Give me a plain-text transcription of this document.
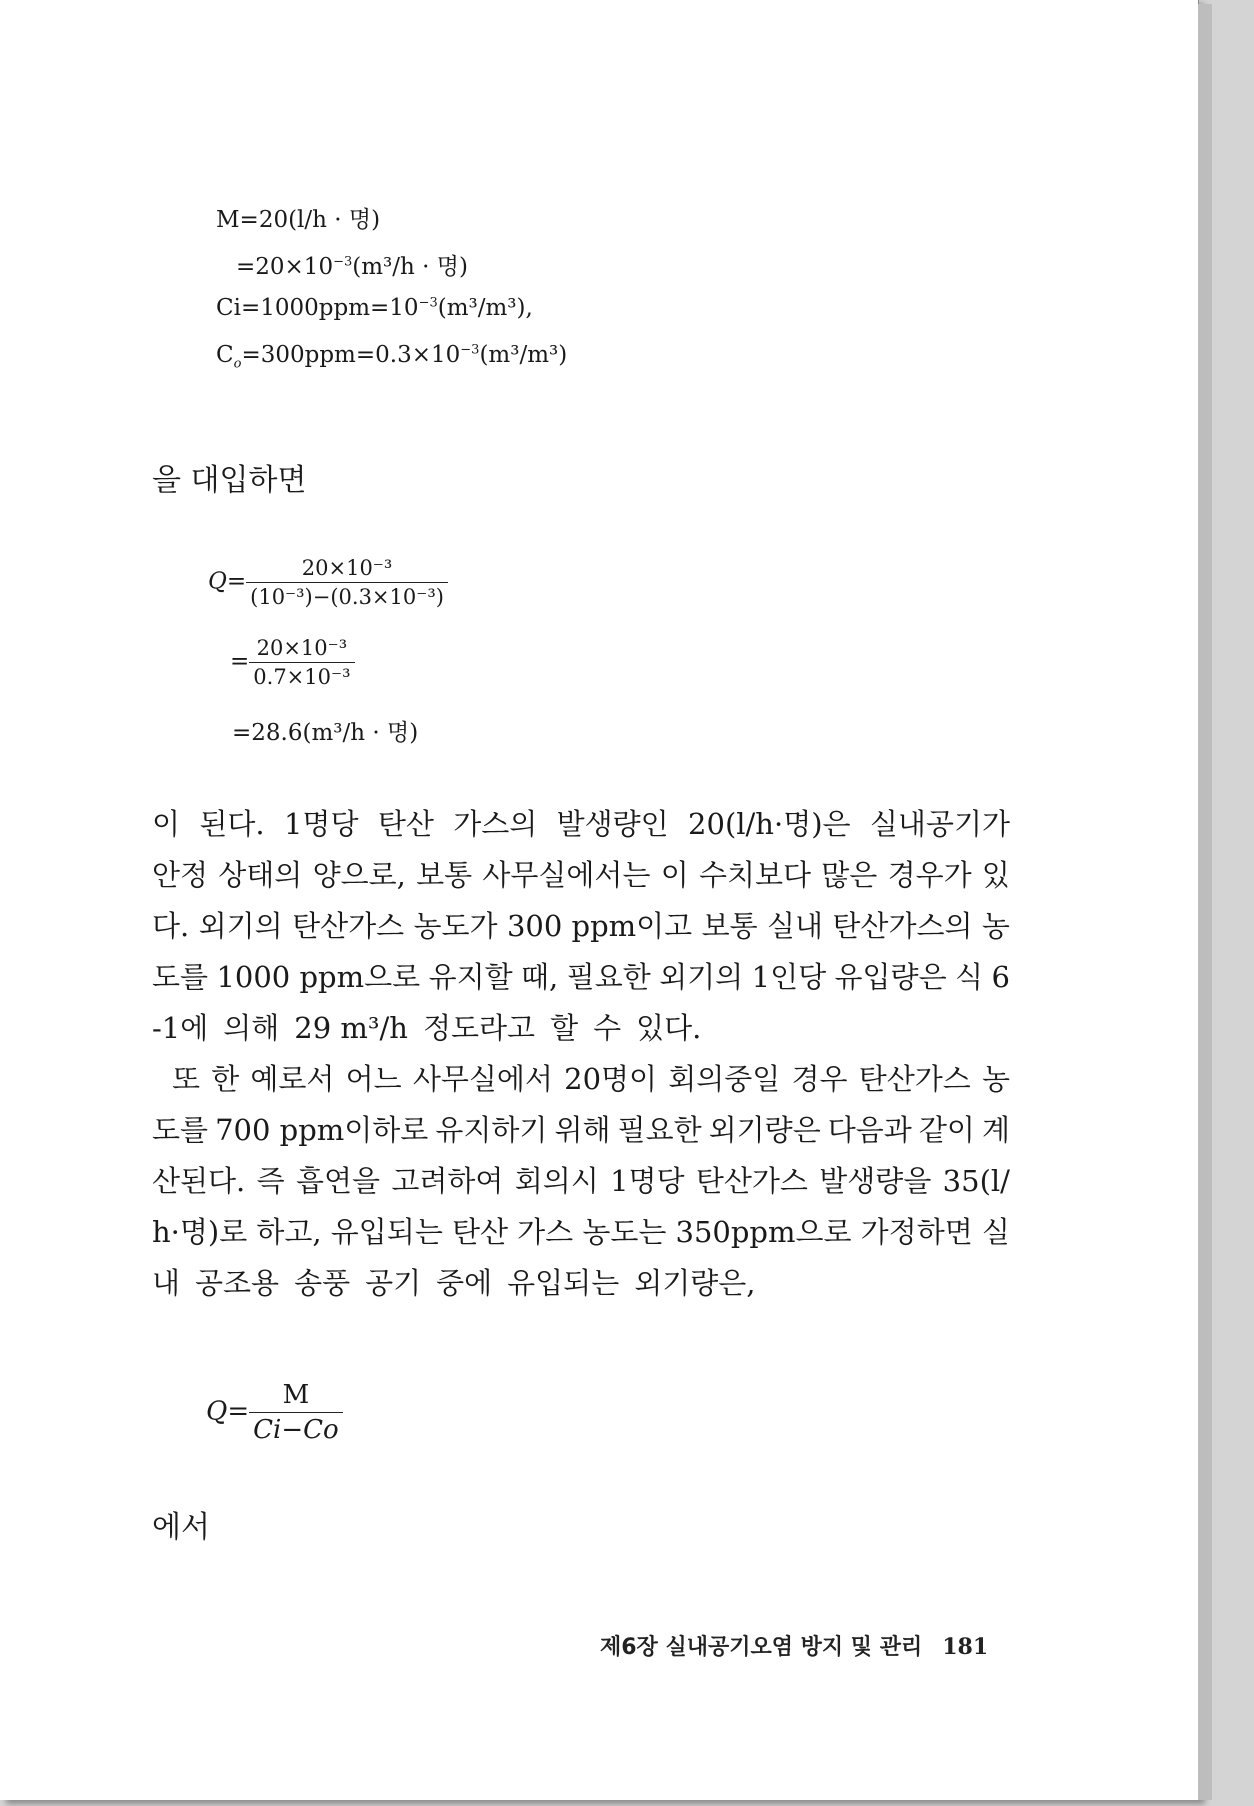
M=20(l/h · 명)
$=20\times 10^{-3}(m^3/h$ · 명)
$Ci=1000ppm=10^{-3}(m^3/m^3)$,
$C_o=300ppm=0.3\times 10^{-3}(m^3/m^3)$
을 대입하면
$Q= \frac{\text{20×10⁻³}}{\text{(10⁻³)−(0.3×10⁻³)}}$
= $\frac{\text{20×10⁻³}}{\text{0.7×10⁻³}}$
=28.6(m³/h · 명)
이 된다. 1명당 탄산 가스의 발생량인 20(l/h·명)은 실내공기가
안정 상태의 양으로, 보통 사무실에서는 이 수치보다 많은 경우가 있
다. 외기의 탄산가스 농도가 300 ppm이고 보통 실내 탄산가스의 농
도를 1000 ppm으로 유지할 때, 필요한 외기의 1인당 유입량은 식 6
-1에 의해 29 m³/h 정도라고 할 수 있다.
또 한 예로서 어느 사무실에서 20명이 회의중일 경우 탄산가스 농
도를 700 ppm이하로 유지하기 위해 필요한 외기량은 다음과 같이 계
산된다. 즉 흡연을 고려하여 회의시 1명당 탄산가스 발생량을 35(l/
h·명)로 하고, 유입되는 탄산 가스 농도는 350ppm으로 가정하면 실
내 공조용 송풍 공기 중에 유입되는 외기량은,
$Q= \frac{M}{Ci-Co}$
에서
제6장 실내공기오염 방지 및 관리 181
